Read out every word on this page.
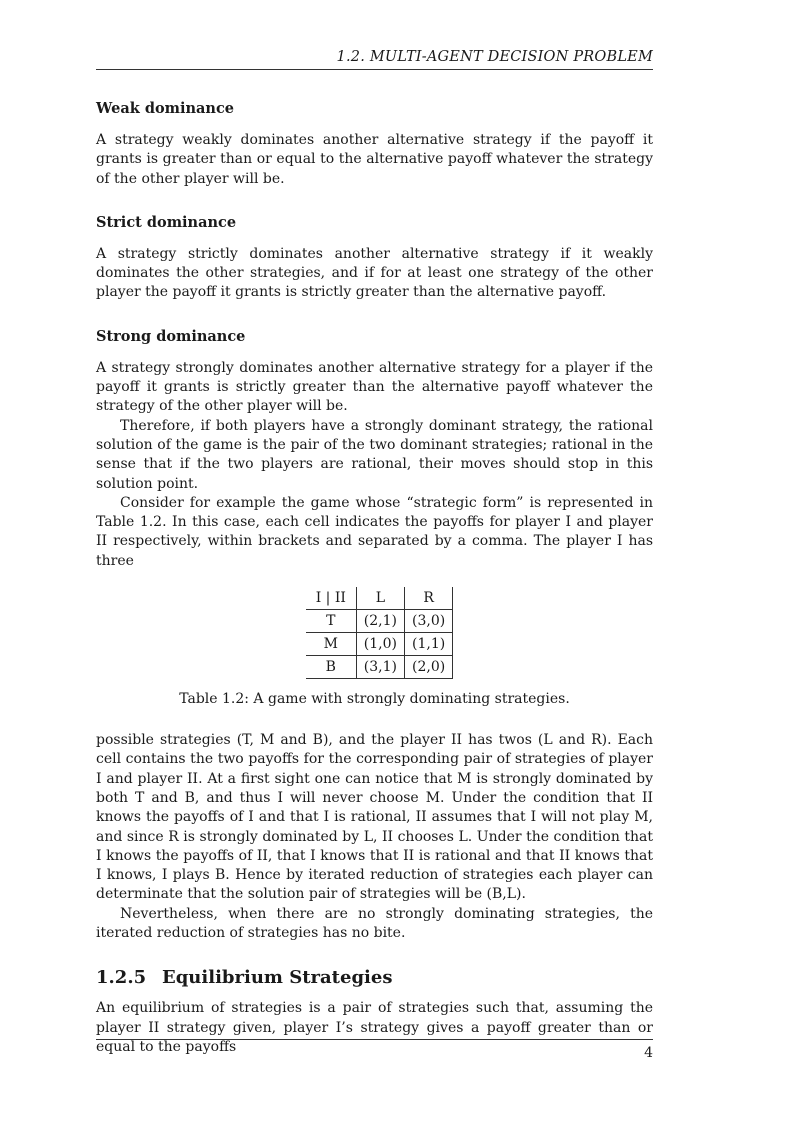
1.2. MULTI-AGENT DECISION PROBLEM
Weak dominance

A strategy weakly dominates another alternative strategy if the payoff it grants is greater than or equal to the alternative payoff whatever the strategy of the other player will be.

Strict dominance

A strategy strictly dominates another alternative strategy if it weakly dominates the other strategies, and if for at least one strategy of the other player the payoff it grants is strictly greater than the alternative payoff.

Strong dominance

A strategy strongly dominates another alternative strategy for a player if the payoff it grants is strictly greater than the alternative payoff whatever the strategy of the other player will be.

Therefore, if both players have a strongly dominant strategy, the rational solution of the game is the pair of the two dominant strategies; rational in the sense that if the two players are rational, their moves should stop in this solution point.

Consider for example the game whose “strategic form” is represented in Table 1.2. In this case, each cell indicates the payoffs for player I and player II respectively, within brackets and separated by a comma. The player I has three

I | II	L	R
T	(2,1)	(3,0)
M	(1,0)	(1,1)
B	(3,1)	(2,0)
Table 1.2: A game with strongly dominating strategies.

possible strategies (T, M and B), and the player II has twos (L and R). Each cell contains the two payoffs for the corresponding pair of strategies of player I and player II. At a first sight one can notice that M is strongly dominated by both T and B, and thus I will never choose M. Under the condition that II knows the payoffs of I and that I is rational, II assumes that I will not play M, and since R is strongly dominated by L, II chooses L. Under the condition that I knows the payoffs of II, that I knows that II is rational and that II knows that I knows, I plays B. Hence by iterated reduction of strategies each player can determinate that the solution pair of strategies will be (B,L).

Nevertheless, when there are no strongly dominating strategies, the iterated reduction of strategies has no bite.

1.2.5 Equilibrium Strategies

An equilibrium of strategies is a pair of strategies such that, assuming the player II strategy given, player I’s strategy gives a payoff greater than or equal to the payoffs	4
